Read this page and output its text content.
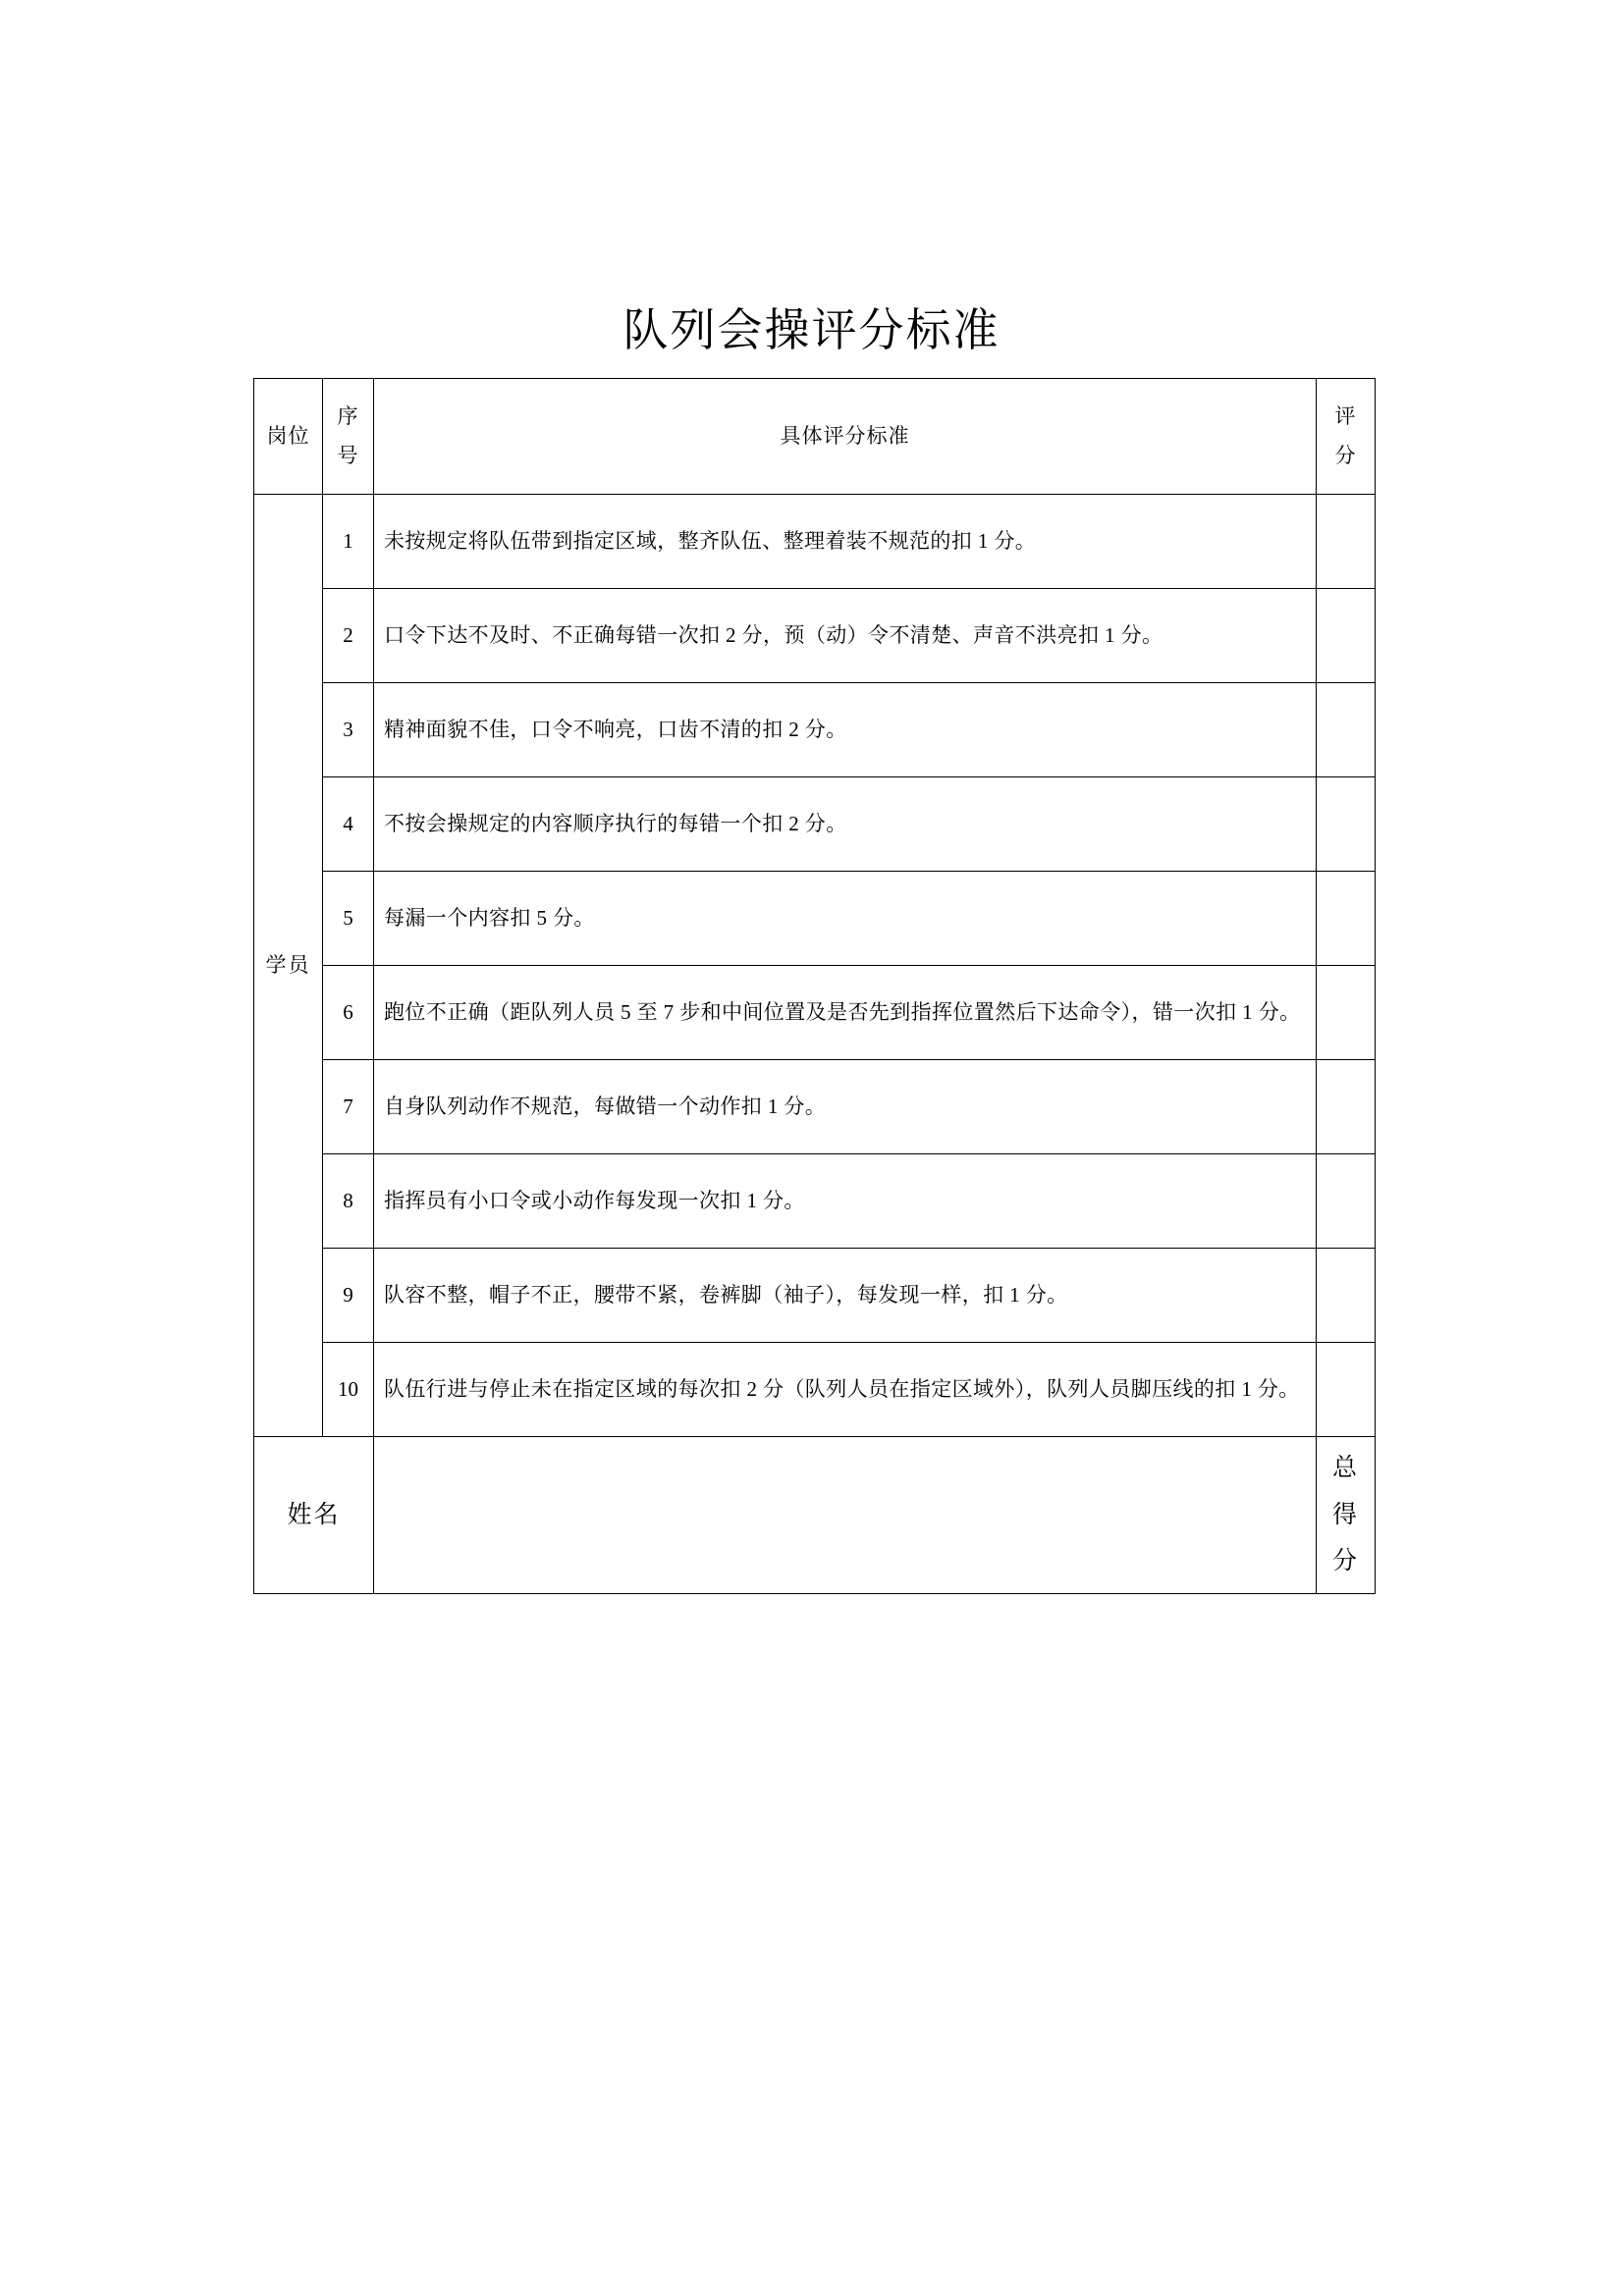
队列会操评分标准
岗位	序号	具体评分标准	评分	
学员	1	未按规定将队伍带到指定区域，整齐队伍、整理着装不规范的扣 1 分。		
	2	口令下达不及时、不正确每错一次扣 2 分，预（动）令不清楚、声音不洪亮扣 1 分。		
	3	精神面貌不佳，口令不响亮，口齿不清的扣 2 分。		
	4	不按会操规定的内容顺序执行的每错一个扣 2 分。		
	5	每漏一个内容扣 5 分。		
	6	跑位不正确（距队列人员 5 至 7 步和中间位置及是否先到指挥位置然后下达命令），错一次扣 1 分。		
	7	自身队列动作不规范，每做错一个动作扣 1 分。		
	8	指挥员有小口令或小动作每发现一次扣 1 分。		
	9	队容不整，帽子不正，腰带不紧，卷裤脚（袖子），每发现一样，扣 1 分。		
	10	队伍行进与停止未在指定区域的每次扣 2 分（队列人员在指定区域外），队列人员脚压线的扣 1 分。		
姓名			总得分	
